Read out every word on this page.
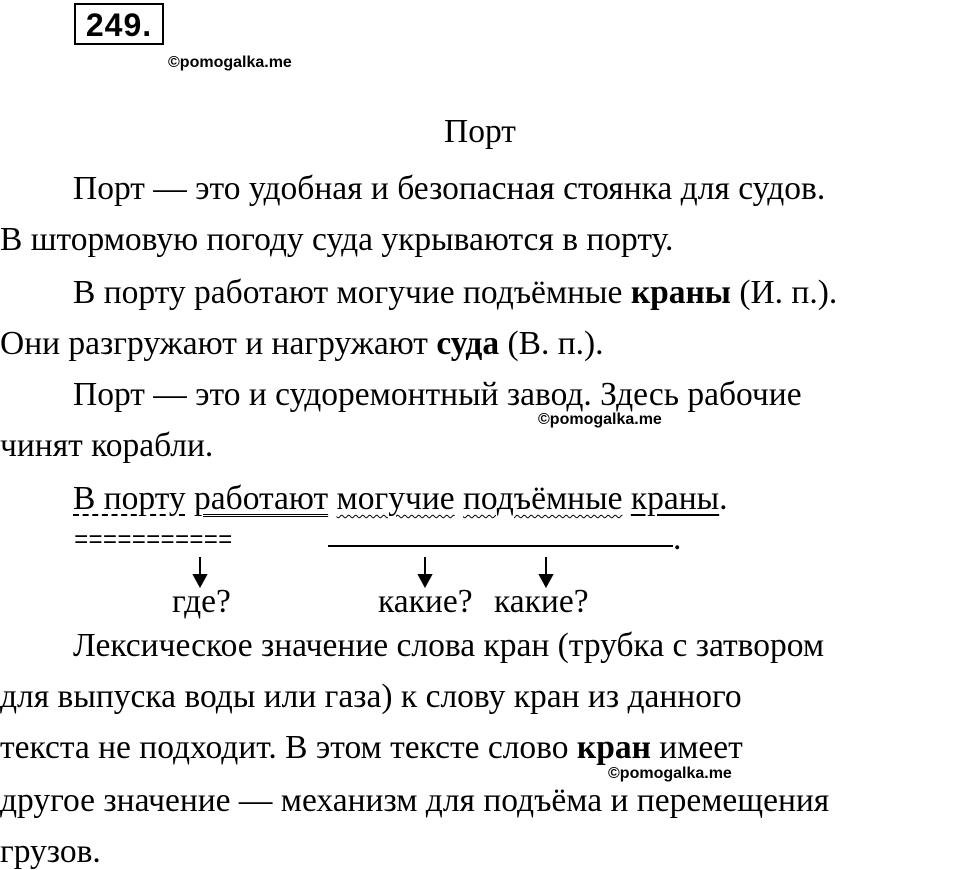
249.
©pomogalka.me
©pomogalka.me
©pomogalka.me
Порт
Порт — это удобная и безопасная стоянка для судов.
В штормовую погоду суда укрываются в порту.
В порту работают могучие подъёмные краны (И. п.).
Они разгружают и нагружают суда (В. п.).
Порт — это и судоремонтный завод. Здесь рабочие
чинят корабли.
В порту работают могучие подъёмные краны.
===========	.
где?	какие? какие?
Лексическое значение слова кран (трубка с затвором
для выпуска воды или газа) к слову кран из данного
текста не подходит. В этом тексте слово кран имеет
другое значение — механизм для подъёма и перемещения
грузов.
